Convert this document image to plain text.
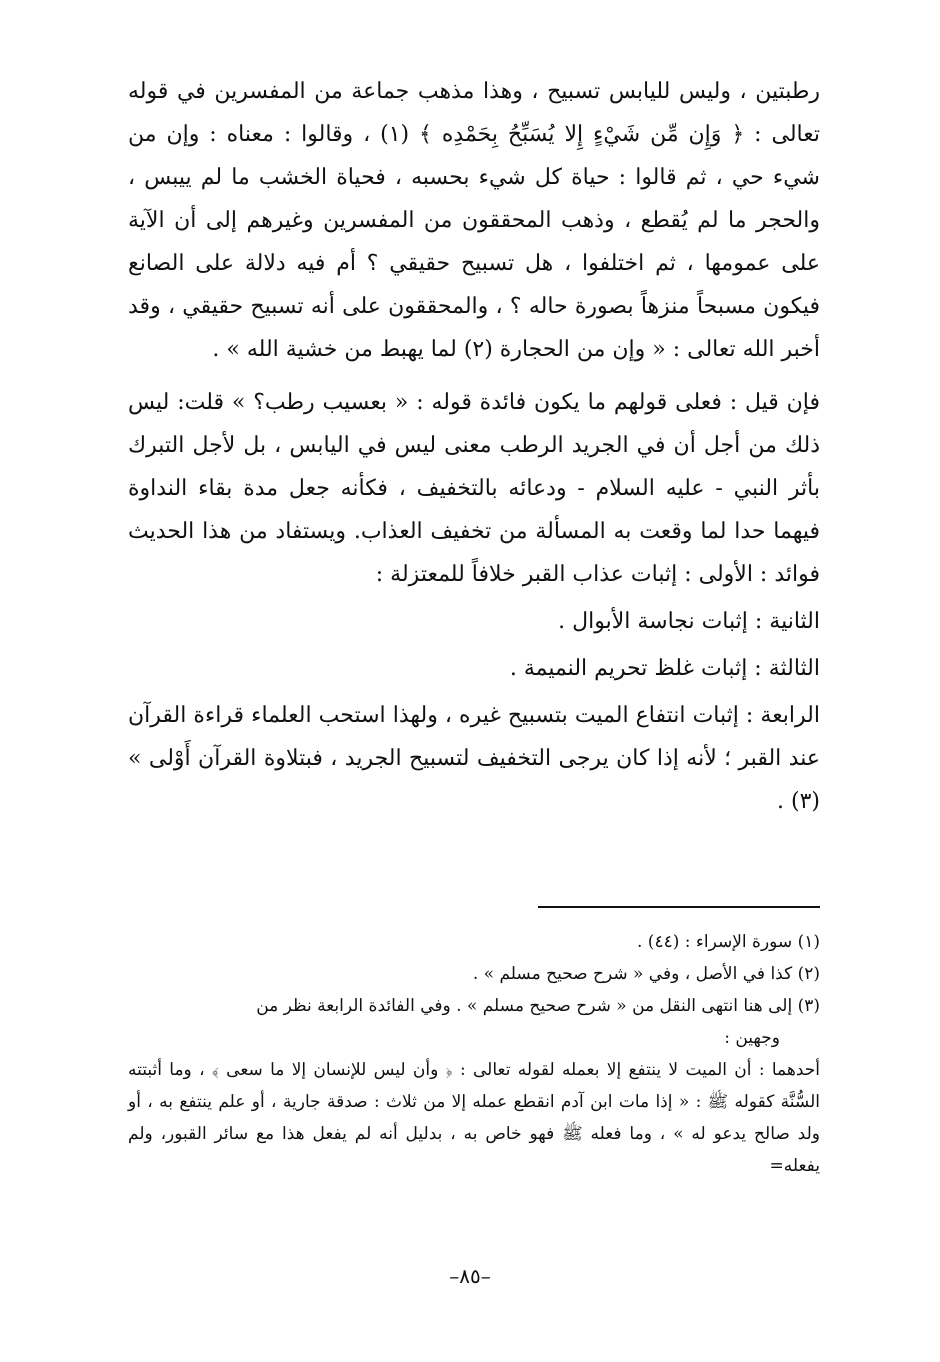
رطبتين ، وليس لليابس تسبيح ، وهذا مذهب جماعة من المفسرين في قوله تعالى : ﴿ وَإِن مِّن شَيْءٍ إِلا يُسَبِّحُ بِحَمْدِه ﴾ (١) ، وقالوا : معناه : وإن من شيء حي ، ثم قالوا : حياة كل شيء بحسبه ، فحياة الخشب ما لم ييبس ، والحجر ما لم يُقطع ، وذهب المحققون من المفسرين وغيرهم إلى أن الآية على عمومها ، ثم اختلفوا ، هل تسبيح حقيقي ؟ أم فيه دلالة على الصانع فيكون مسبحاً منزهاً بصورة حاله ؟ ، والمحققون على أنه تسبيح حقيقي ، وقد أخبر الله تعالى : « وإن من الحجارة (٢) لما يهبط من خشية الله » .

فإن قيل : فعلى قولهم ما يكون فائدة قوله : « بعسيب رطب؟ » قلت: ليس ذلك من أجل أن في الجريد الرطب معنى ليس في اليابس ، بل لأجل التبرك بأثر النبي - عليه السلام - ودعائه بالتخفيف ، فكأنه جعل مدة بقاء النداوة فيهما حدا لما وقعت به المسألة من تخفيف العذاب. ويستفاد من هذا الحديث فوائد : الأولى : إثبات عذاب القبر خلافاً للمعتزلة :

الثانية : إثبات نجاسة الأبوال .

الثالثة : إثبات غلظ تحريم النميمة .

الرابعة : إثبات انتفاع الميت بتسبيح غيره ، ولهذا استحب العلماء قراءة القرآن عند القبر ؛ لأنه إذا كان يرجى التخفيف لتسبيح الجريد ، فبتلاوة القرآن أَوْلى » (٣) .

(١) سورة الإسراء : (٤٤) .

(٢) كذا في الأصل ، وفي « شرح صحيح مسلم » .

(٣) إلى هنا انتهى النقل من « شرح صحيح مسلم » . وفي الفائدة الرابعة نظر من
وجهين :

أحدهما : أن الميت لا ينتفع إلا بعمله لقوله تعالى : ﴿ وأن ليس للإنسان إلا ما سعى ﴾ ، وما أثبتته السُّنَّة كقوله ﷺ : « إذا مات ابن آدم انقطع عمله إلا من ثلاث : صدقة جارية ، أو علم ينتفع به ، أو ولد صالح يدعو له » ، وما فعله ﷺ فهو خاص به ، بدليل أنه لم يفعل هذا مع سائر القبور، ولم يفعله=

–٨٥–
